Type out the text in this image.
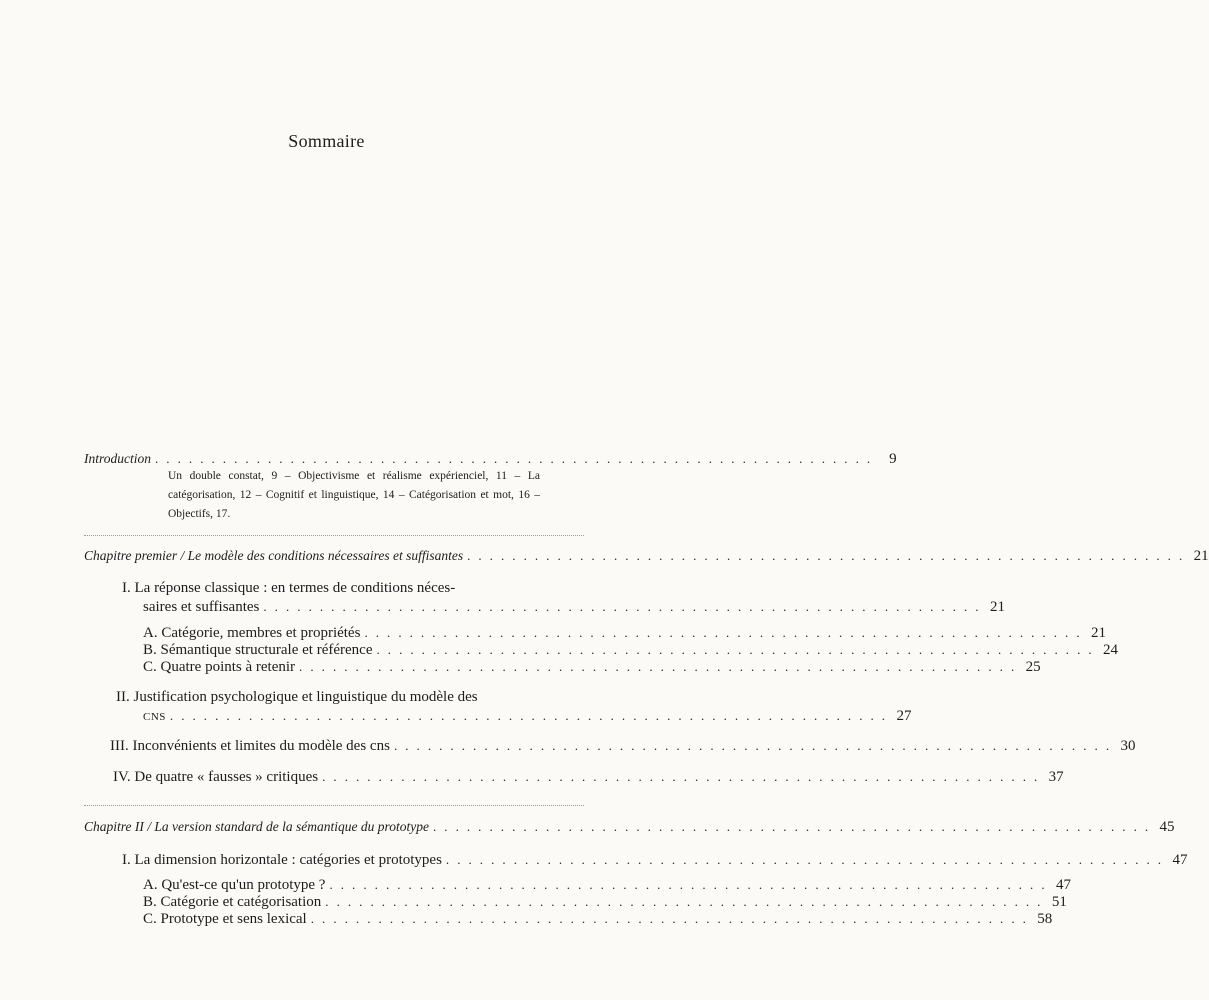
Sommaire
Introduction . . . . . . . . . . . . . . . . . . . . . . . . . . . . . . . . . . . . . . . . . . . . . . . . . . . . . . . . . . . . . . . .	9
Un double constat, 9 – Objectivisme et réalisme expérienciel, 11 – La catégorisation, 12 – Cognitif et linguistique, 14 – Catégorisation et mot, 16 – Objectifs, 17.
Chapitre premier / Le modèle des conditions nécessaires et suffisantes . . . . . . . . . . . . . . . . . . . . . . . . . . . . . . . . . . . . . . . . . . . . . . . . . . . . . . . . . . . . . . . . 21
I. La réponse classique : en termes de conditions néces-
saires et suffisantes . . . . . . . . . . . . . . . . . . . . . . . . . . . . . . . . . . . . . . . . . . . . . . . . . . . . . . . . . . . . . . . . 21
A. Catégorie, membres et propriétés . . . . . . . . . . . . . . . . . . . . . . . . . . . . . . . . . . . . . . . . . . . . . . . . . . . . . . . . . . . . . . . . 21
B. Sémantique structurale et référence . . . . . . . . . . . . . . . . . . . . . . . . . . . . . . . . . . . . . . . . . . . . . . . . . . . . . . . . . . . . . . . . 24
C. Quatre points à retenir . . . . . . . . . . . . . . . . . . . . . . . . . . . . . . . . . . . . . . . . . . . . . . . . . . . . . . . . . . . . . . . . 25
II. Justification psychologique et linguistique du modèle des
cns . . . . . . . . . . . . . . . . . . . . . . . . . . . . . . . . . . . . . . . . . . . . . . . . . . . . . . . . . . . . . . . . 27
III. Inconvénients et limites du modèle des cns . . . . . . . . . . . . . . . . . . . . . . . . . . . . . . . . . . . . . . . . . . . . . . . . . . . . . . . . . . . . . . . . 30
IV. De quatre « fausses » critiques . . . . . . . . . . . . . . . . . . . . . . . . . . . . . . . . . . . . . . . . . . . . . . . . . . . . . . . . . . . . . . . . 37
Chapitre II / La version standard de la sémantique du prototype . . . . . . . . . . . . . . . . . . . . . . . . . . . . . . . . . . . . . . . . . . . . . . . . . . . . . . . . . . . . . . . . 45
I. La dimension horizontale : catégories et prototypes . . . . . . . . . . . . . . . . . . . . . . . . . . . . . . . . . . . . . . . . . . . . . . . . . . . . . . . . . . . . . . . . 47
A. Qu'est-ce qu'un prototype ? . . . . . . . . . . . . . . . . . . . . . . . . . . . . . . . . . . . . . . . . . . . . . . . . . . . . . . . . . . . . . . . . 47
B. Catégorie et catégorisation . . . . . . . . . . . . . . . . . . . . . . . . . . . . . . . . . . . . . . . . . . . . . . . . . . . . . . . . . . . . . . . . 51
C. Prototype et sens lexical . . . . . . . . . . . . . . . . . . . . . . . . . . . . . . . . . . . . . . . . . . . . . . . . . . . . . . . . . . . . . . . . 58
